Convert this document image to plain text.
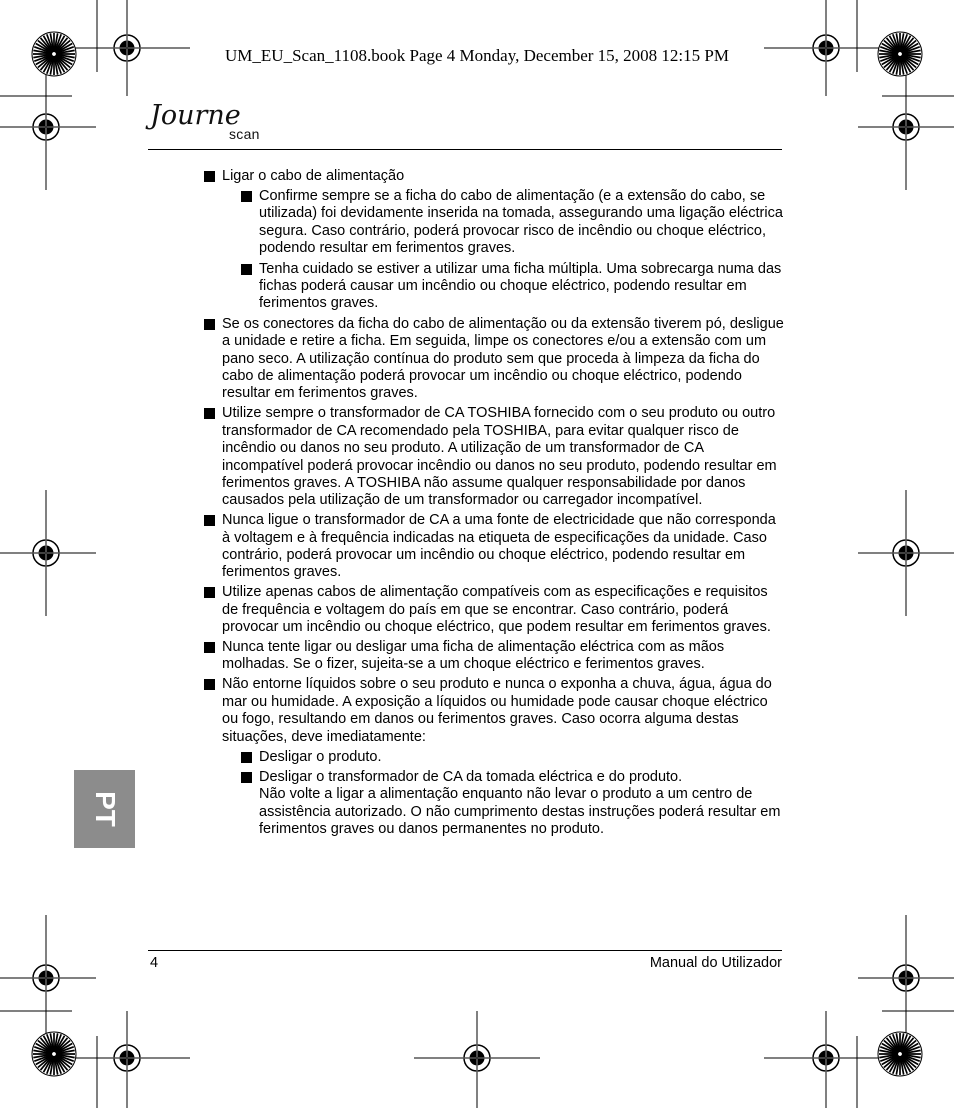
UM_EU_Scan_1108.book Page 4 Monday, December 15, 2008 12:15 PM
Journe
scan
PT
Ligar o cabo de alimentação
Confirme sempre se a ficha do cabo de alimentação (e a extensão do cabo, se utilizada) foi devidamente inserida na tomada, assegurando uma ligação eléctrica segura. Caso contrário, poderá provocar risco de incêndio ou choque eléctrico, podendo resultar em ferimentos graves.
Tenha cuidado se estiver a utilizar uma ficha múltipla. Uma sobrecarga numa das fichas poderá causar um incêndio ou choque eléctrico, podendo resultar em ferimentos graves.
Se os conectores da ficha do cabo de alimentação ou da extensão tiverem pó, desligue a unidade e retire a ficha. Em seguida, limpe os conectores e/ou a extensão com um pano seco. A utilização contínua do produto sem que proceda à limpeza da ficha do cabo de alimentação poderá provocar um incêndio ou choque eléctrico, podendo resultar em ferimentos graves.
Utilize sempre o transformador de CA TOSHIBA fornecido com o seu produto ou outro transformador de CA recomendado pela TOSHIBA, para evitar qualquer risco de incêndio ou danos no seu produto. A utilização de um transformador de CA incompatível poderá provocar incêndio ou danos no seu produto, podendo resultar em ferimentos graves. A TOSHIBA não assume qualquer responsabilidade por danos causados pela utilização de um transformador ou carregador incompatível.
Nunca ligue o transformador de CA a uma fonte de electricidade que não corresponda à voltagem e à frequência indicadas na etiqueta de especificações da unidade. Caso contrário, poderá provocar um incêndio ou choque eléctrico, podendo resultar em ferimentos graves.
Utilize apenas cabos de alimentação compatíveis com as especificações e requisitos de frequência e voltagem do país em que se encontrar. Caso contrário, poderá provocar um incêndio ou choque eléctrico, que podem resultar em ferimentos graves.
Nunca tente ligar ou desligar uma ficha de alimentação eléctrica com as mãos molhadas. Se o fizer, sujeita-se a um choque eléctrico e ferimentos graves.
Não entorne líquidos sobre o seu produto e nunca o exponha a chuva, água, água do mar ou humidade. A exposição a líquidos ou humidade pode causar choque eléctrico ou fogo, resultando em danos ou ferimentos graves. Caso ocorra alguma destas situações, deve imediatamente:
Desligar o produto.
Desligar o transformador de CA da tomada eléctrica e do produto.
Não volte a ligar a alimentação enquanto não levar o produto a um centro de assistência autorizado. O não cumprimento destas instruções poderá resultar em ferimentos graves ou danos permanentes no produto.
4	Manual do Utilizador
